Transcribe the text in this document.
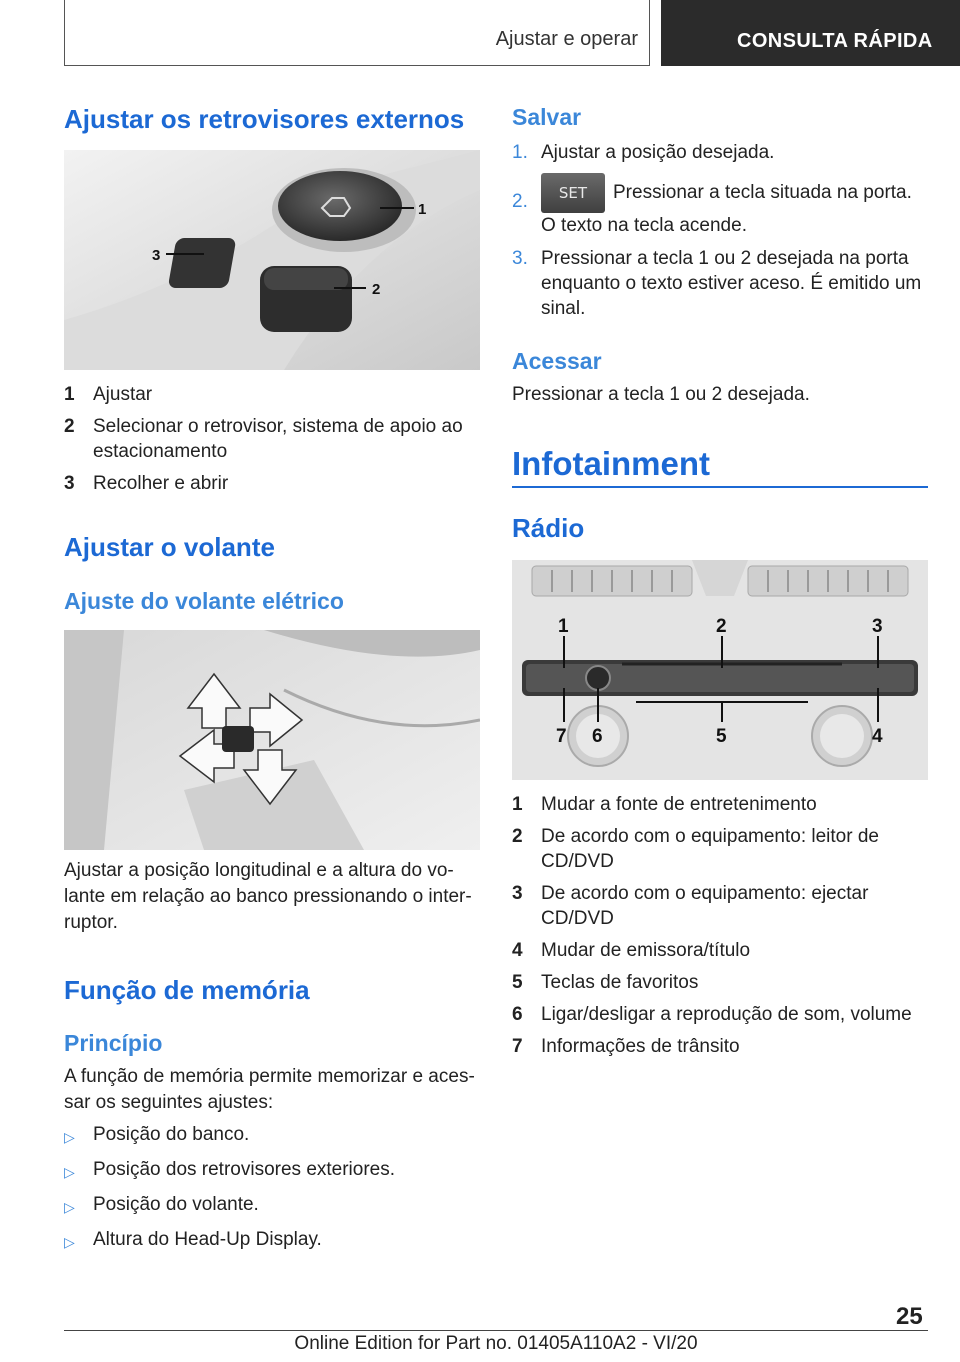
Ajustar e operar	CONSULTA RÁPIDA
Ajustar os retrovisores externos
1
2
3
1 Ajustar
2 Selecionar o retrovisor, sistema de apoio ao estacionamento
3 Recolher e abrir
Ajustar o volante
Ajuste do volante elétrico
Ajustar a posição longitudinal e a altura do vo-lante em relação ao banco pressionando o inter-ruptor.
Função de memória
Princípio
A função de memória permite memorizar e aces-sar os seguintes ajustes:
▷ Posição do banco.
▷ Posição dos retrovisores exteriores.
▷ Posição do volante.
▷ Altura do Head-Up Display.
Salvar
1. Ajustar a posição desejada.
2.	SET Pressionar a tecla situada na porta. O texto na tecla acende.
3. Pressionar a tecla 1 ou 2 desejada na porta enquanto o texto estiver aceso. É emitido um sinal.
Acessar
Pressionar a tecla 1 ou 2 desejada.
Infotainment
Rádio
1	2	3
4
5
6
7
1 Mudar a fonte de entretenimento
2 De acordo com o equipamento: leitor de CD/DVD
3 De acordo com o equipamento: ejectar CD/DVD
4 Mudar de emissora/título
5 Teclas de favoritos
6 Ligar/desligar a reprodução de som, volume
7 Informações de trânsito
25
Online Edition for Part no. 01405A110A2 - VI/20
